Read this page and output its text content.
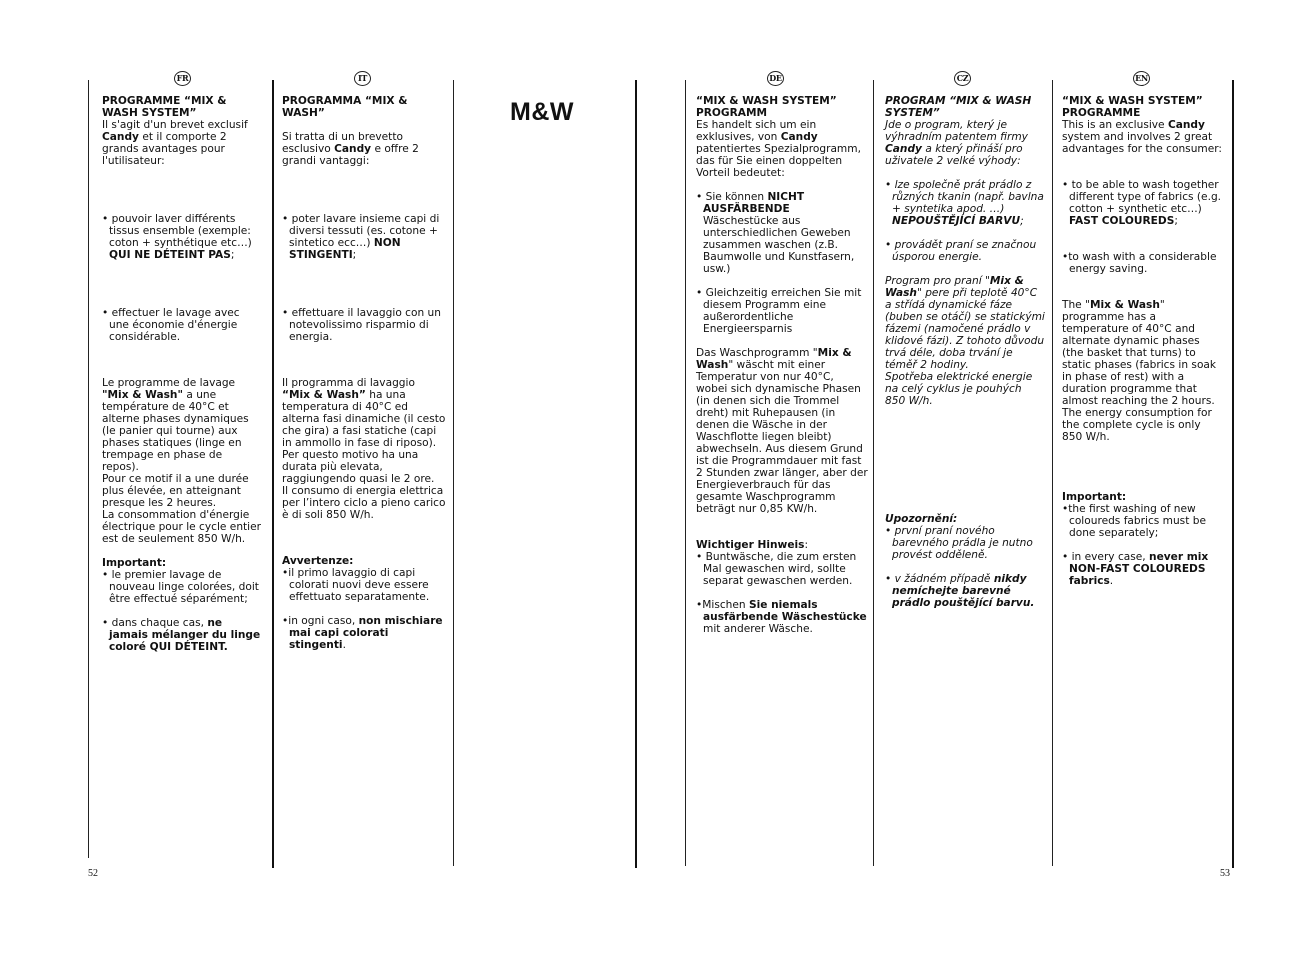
FR	IT	DE	CZ	EN
M&W

PROGRAMME “MIX & WASH SYSTEM”

Il s'agit d'un brevet exclusif Candy et il comporte 2 grands avantages pour l'utilisateur:

• pouvoir laver différents tissus ensemble (exemple: coton + synthétique etc…) QUI NE DÉTEINT PAS;

• effectuer le lavage avec une économie d'énergie considérable.

Le programme de lavage "Mix & Wash" a une température de 40°C et alterne phases dynamiques (le panier qui tourne) aux phases statiques (linge en trempage en phase de repos).

Pour ce motif il a une durée plus élevée, en atteignant presque les 2 heures.

La consommation d'énergie électrique pour le cycle entier est de seulement 850 W/h.

Important:

• le premier lavage de nouveau linge colorées, doit être effectué séparément;

• dans chaque cas, ne jamais mélanger du linge coloré QUI DÉTEINT.

PROGRAMMA “MIX & WASH”

Si tratta di un brevetto esclusivo Candy e offre 2 grandi vantaggi:

• poter lavare insieme capi di diversi tessuti (es. cotone + sintetico ecc…) NON STINGENTI;

• effettuare il lavaggio con un notevolissimo risparmio di energia.

Il programma di lavaggio “Mix & Wash” ha una temperatura di 40°C ed alterna fasi dinamiche (il cesto che gira) a fasi statiche (capi in ammollo in fase di riposo). Per questo motivo ha una durata più elevata, raggiungendo quasi le 2 ore.

Il consumo di energia elettrica per l’intero ciclo a pieno carico è di soli 850 W/h.

Avvertenze:

•il primo lavaggio di capi colorati nuovi deve essere effettuato separatamente.

•in ogni caso, non mischiare mai capi colorati stingenti.

“MIX & WASH SYSTEM” PROGRAMM

Es handelt sich um ein exklusives, von Candy patentiertes Spezialprogramm, das für Sie einen doppelten Vorteil bedeutet:

• Sie können NICHT AUSFÄRBENDE Wäschestücke aus unterschiedlichen Geweben zusammen waschen (z.B. Baumwolle und Kunstfasern, usw.)

• Gleichzeitig erreichen Sie mit diesem Programm eine außerordentliche Energieersparnis

Das Waschprogramm "Mix & Wash" wäscht mit einer Temperatur von nur 40°C, wobei sich dynamische Phasen (in denen sich die Trommel dreht) mit Ruhepausen (in denen die Wäsche in der Waschflotte liegen bleibt) abwechseln. Aus diesem Grund ist die Programmdauer mit fast 2 Stunden zwar länger, aber der Energieverbrauch für das gesamte Waschprogramm beträgt nur 0,85 KW/h.

Wichtiger Hinweis:

• Buntwäsche, die zum ersten Mal gewaschen wird, sollte separat gewaschen werden.

•Mischen Sie niemals ausfärbende Wäschestücke mit anderer Wäsche.

PROGRAM “MIX & WASH SYSTEM”

Jde o program, který je výhradním patentem firmy Candy a který přináší pro uživatele 2 velké výhody:

• lze společně prát prádlo z různých tkanin (např. bavlna + syntetika apod. …) NEPOUŠTĚJÍCÍ BARVU;

• provádět praní se značnou úsporou energie.

Program pro praní "Mix & Wash" pere při teplotě 40°C a střídá dynamické fáze (buben se otáčí) se statickými fázemi (namočené prádlo v klidové fázi). Z tohoto důvodu trvá déle, doba trvání je téměř 2 hodiny.

Spotřeba elektrické energie na celý cyklus je pouhých 850 W/h.

Upozornění:

• první praní nového barevného prádla je nutno provést odděleně.

• v žádném případě nikdy nemíchejte barevné prádlo pouštějící barvu.

“MIX & WASH SYSTEM” PROGRAMME

This is an exclusive Candy system and involves 2 great advantages for the consumer:

• to be able to wash together different type of fabrics (e.g. cotton + synthetic etc…) FAST COLOUREDS;

•to wash with a considerable energy saving.

The "Mix & Wash" programme has a temperature of 40°C and alternate dynamic phases (the basket that turns) to static phases (fabrics in soak in phase of rest) with a duration programme that almost reaching the 2 hours. The energy consumption for the complete cycle is only 850 W/h.

Important:

•the first washing of new coloureds fabrics must be done separately;

• in every case, never mix NON-FAST COLOUREDS fabrics.

52	53
